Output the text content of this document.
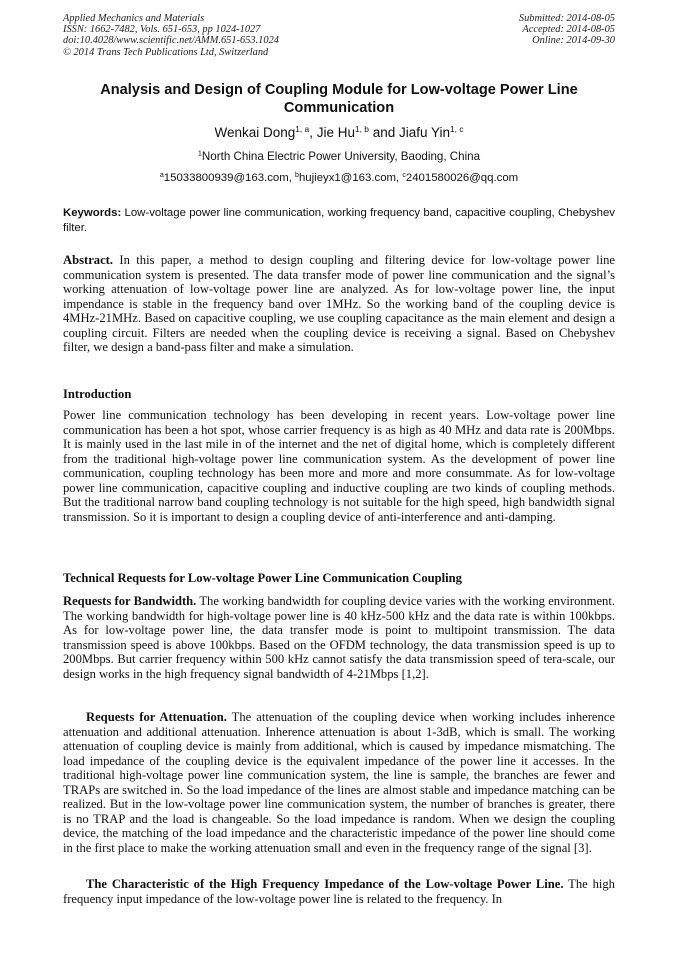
Applied Mechanics and Materials
ISSN: 1662-7482, Vols. 651-653, pp 1024-1027
doi:10.4028/www.scientific.net/AMM.651-653.1024
© 2014 Trans Tech Publications Ltd, Switzerland
Submitted: 2014-08-05
Accepted: 2014-08-05
Online: 2014-09-30
Analysis and Design of Coupling Module for Low-voltage Power Line Communication
Wenkai Dong$^{1, a}$, Jie Hu$^{1, b}$ and Jiafu Yin$^{1, c}$
$^1$North China Electric Power University, Baoding, China
$^a$15033800939@163.com, $^b$hujieyx1@163.com, $^c$2401580026@qq.com
Keywords: Low-voltage power line communication, working frequency band, capacitive coupling, Chebyshev filter.
Abstract. In this paper, a method to design coupling and filtering device for low-voltage power line communication system is presented. The data transfer mode of power line communication and the signal’s working attenuation of low-voltage power line are analyzed. As for low-voltage power line, the input impendance is stable in the frequency band over 1MHz. So the working band of the coupling device is 4MHz-21MHz. Based on capacitive coupling, we use coupling capacitance as the main element and design a coupling circuit. Filters are needed when the coupling device is receiving a signal. Based on Chebyshev filter, we design a band-pass filter and make a simulation.
Introduction
Power line communication technology has been developing in recent years. Low-voltage power line communication has been a hot spot, whose carrier frequency is as high as 40 MHz and data rate is 200Mbps. It is mainly used in the last mile in of the internet and the net of digital home, which is completely different from the traditional high-voltage power line communication system. As the development of power line communication, coupling technology has been more and more and more consummate. As for low-voltage power line communication, capacitive coupling and inductive coupling are two kinds of coupling methods. But the traditional narrow band coupling technology is not suitable for the high speed, high bandwidth signal transmission. So it is important to design a coupling device of anti-interference and anti-damping.
Technical Requests for Low-voltage Power Line Communication Coupling
Requests for Bandwidth. The working bandwidth for coupling device varies with the working environment. The working bandwidth for high-voltage power line is 40 kHz-500 kHz and the data rate is within 100kbps. As for low-voltage power line, the data transfer mode is point to multipoint transmission. The data transmission speed is above 100kbps. Based on the OFDM technology, the data transmission speed is up to 200Mbps. But carrier frequency within 500 kHz cannot satisfy the data transmission speed of tera-scale, our design works in the high frequency signal bandwidth of 4-21Mbps [1,2].
Requests for Attenuation. The attenuation of the coupling device when working includes inherence attenuation and additional attenuation. Inherence attenuation is about 1-3dB, which is small. The working attenuation of coupling device is mainly from additional, which is caused by impedance mismatching. The load impedance of the coupling device is the equivalent impedance of the power line it accesses. In the traditional high-voltage power line communication system, the line is sample, the branches are fewer and TRAPs are switched in. So the load impedance of the lines are almost stable and impedance matching can be realized. But in the low-voltage power line communication system, the number of branches is greater, there is no TRAP and the load is changeable. So the load impedance is random. When we design the coupling device, the matching of the load impedance and the characteristic impedance of the power line should come in the first place to make the working attenuation small and even in the frequency range of the signal [3].
The Characteristic of the High Frequency Impedance of the Low-voltage Power Line. The high frequency input impedance of the low-voltage power line is related to the frequency. In
